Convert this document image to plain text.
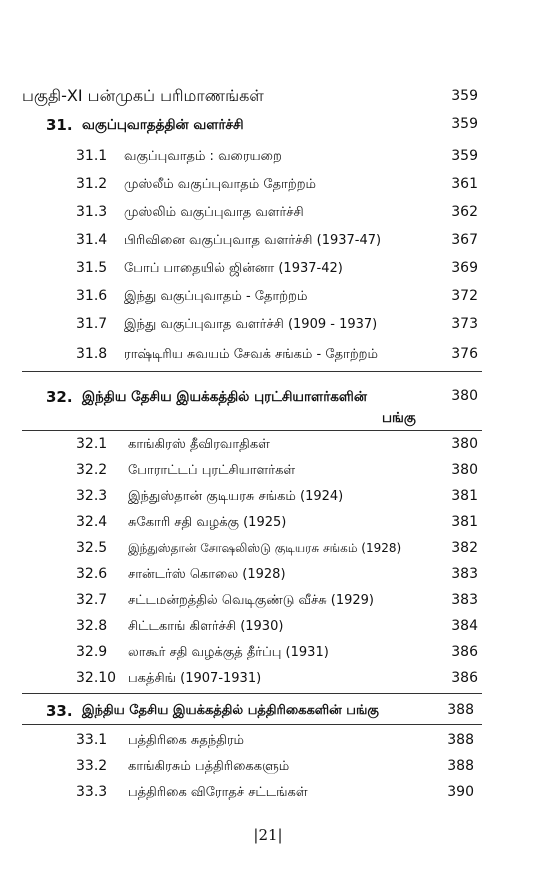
பகுதி-XI பன்முகப் பரிமாணங்கள்	359
31. வகுப்புவாதத்தின் வளர்ச்சி	359
31.1 வகுப்புவாதம் : வரையறை	359
31.2 முஸ்லீம் வகுப்புவாதம் தோற்றம்	361
31.3 முஸ்லிம் வகுப்புவாத வளர்ச்சி	362
31.4 பிரிவினை வகுப்புவாத வளர்ச்சி (1937-47)	367
31.5 போப் பாதையில் ஜின்னா (1937-42)	369
31.6 இந்து வகுப்புவாதம் - தோற்றம்	372
31.7 இந்து வகுப்புவாத வளர்ச்சி (1909 - 1937)	373
31.8 ராஷ்டிரிய சுவயம் சேவக் சங்கம் - தோற்றம்	376
32. இந்திய தேசிய இயக்கத்தில் புரட்சியாளர்களின்	380
பங்கு
32.1 காங்கிரஸ் தீவிரவாதிகள்	380
32.2 போராட்டப் புரட்சியாளர்கள்	380
32.3 இந்துஸ்தான் குடியரசு சங்கம் (1924)	381
32.4 சுகோரி சதி வழக்கு (1925)	381
32.5 இந்துஸ்தான் சோஷலிஸ்டு குடியரசு சங்கம் (1928)	382
32.6 சான்டர்ஸ் கொலை (1928)	383
32.7 சட்டமன்றத்தில் வெடிகுண்டு வீச்சு (1929)	383
32.8 சிட்டகாங் கிளர்ச்சி (1930)	384
32.9 லாகூர் சதி வழக்குத் தீர்ப்பு (1931)	386
32.10 பகத்சிங் (1907-1931)	386
33. இந்திய தேசிய இயக்கத்தில் பத்திரிகைகளின் பங்கு	388
33.1 பத்திரிகை சுதந்திரம்	388
33.2 காங்கிரசும் பத்திரிகைகளும்	388
33.3 பத்திரிகை விரோதச் சட்டங்கள்	390
|21|
